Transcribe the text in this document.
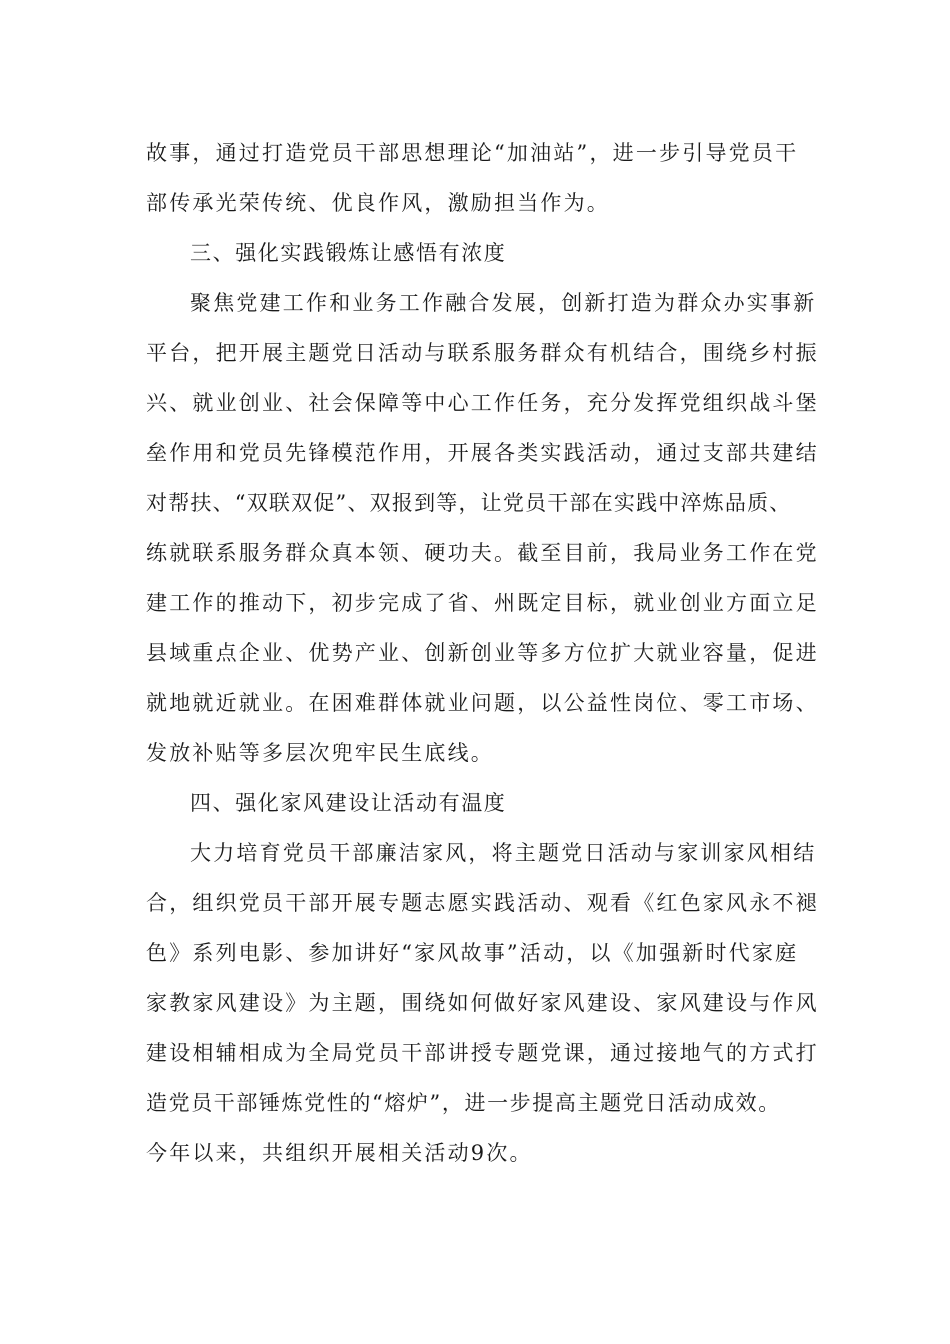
故事，通过打造党员干部思想理论“加油站”，进一步引导党员干
部传承光荣传统、优良作风，激励担当作为。
三、强化实践锻炼让感悟有浓度
聚焦党建工作和业务工作融合发展，创新打造为群众办实事新
平台，把开展主题党日活动与联系服务群众有机结合，围绕乡村振
兴、就业创业、社会保障等中心工作任务，充分发挥党组织战斗堡
垒作用和党员先锋模范作用，开展各类实践活动，通过支部共建结
对帮扶、“双联双促”、双报到等，让党员干部在实践中淬炼品质、
练就联系服务群众真本领、硬功夫。截至目前，我局业务工作在党
建工作的推动下，初步完成了省、州既定目标，就业创业方面立足
县域重点企业、优势产业、创新创业等多方位扩大就业容量，促进
就地就近就业。在困难群体就业问题，以公益性岗位、零工市场、
发放补贴等多层次兜牢民生底线。
四、强化家风建设让活动有温度
大力培育党员干部廉洁家风，将主题党日活动与家训家风相结
合，组织党员干部开展专题志愿实践活动、观看《红色家风永不褪
色》系列电影、参加讲好“家风故事”活动，以《加强新时代家庭
家教家风建设》为主题，围绕如何做好家风建设、家风建设与作风
建设相辅相成为全局党员干部讲授专题党课，通过接地气的方式打
造党员干部锤炼党性的“熔炉”，进一步提高主题党日活动成效。
今年以来，共组织开展相关活动9次。
